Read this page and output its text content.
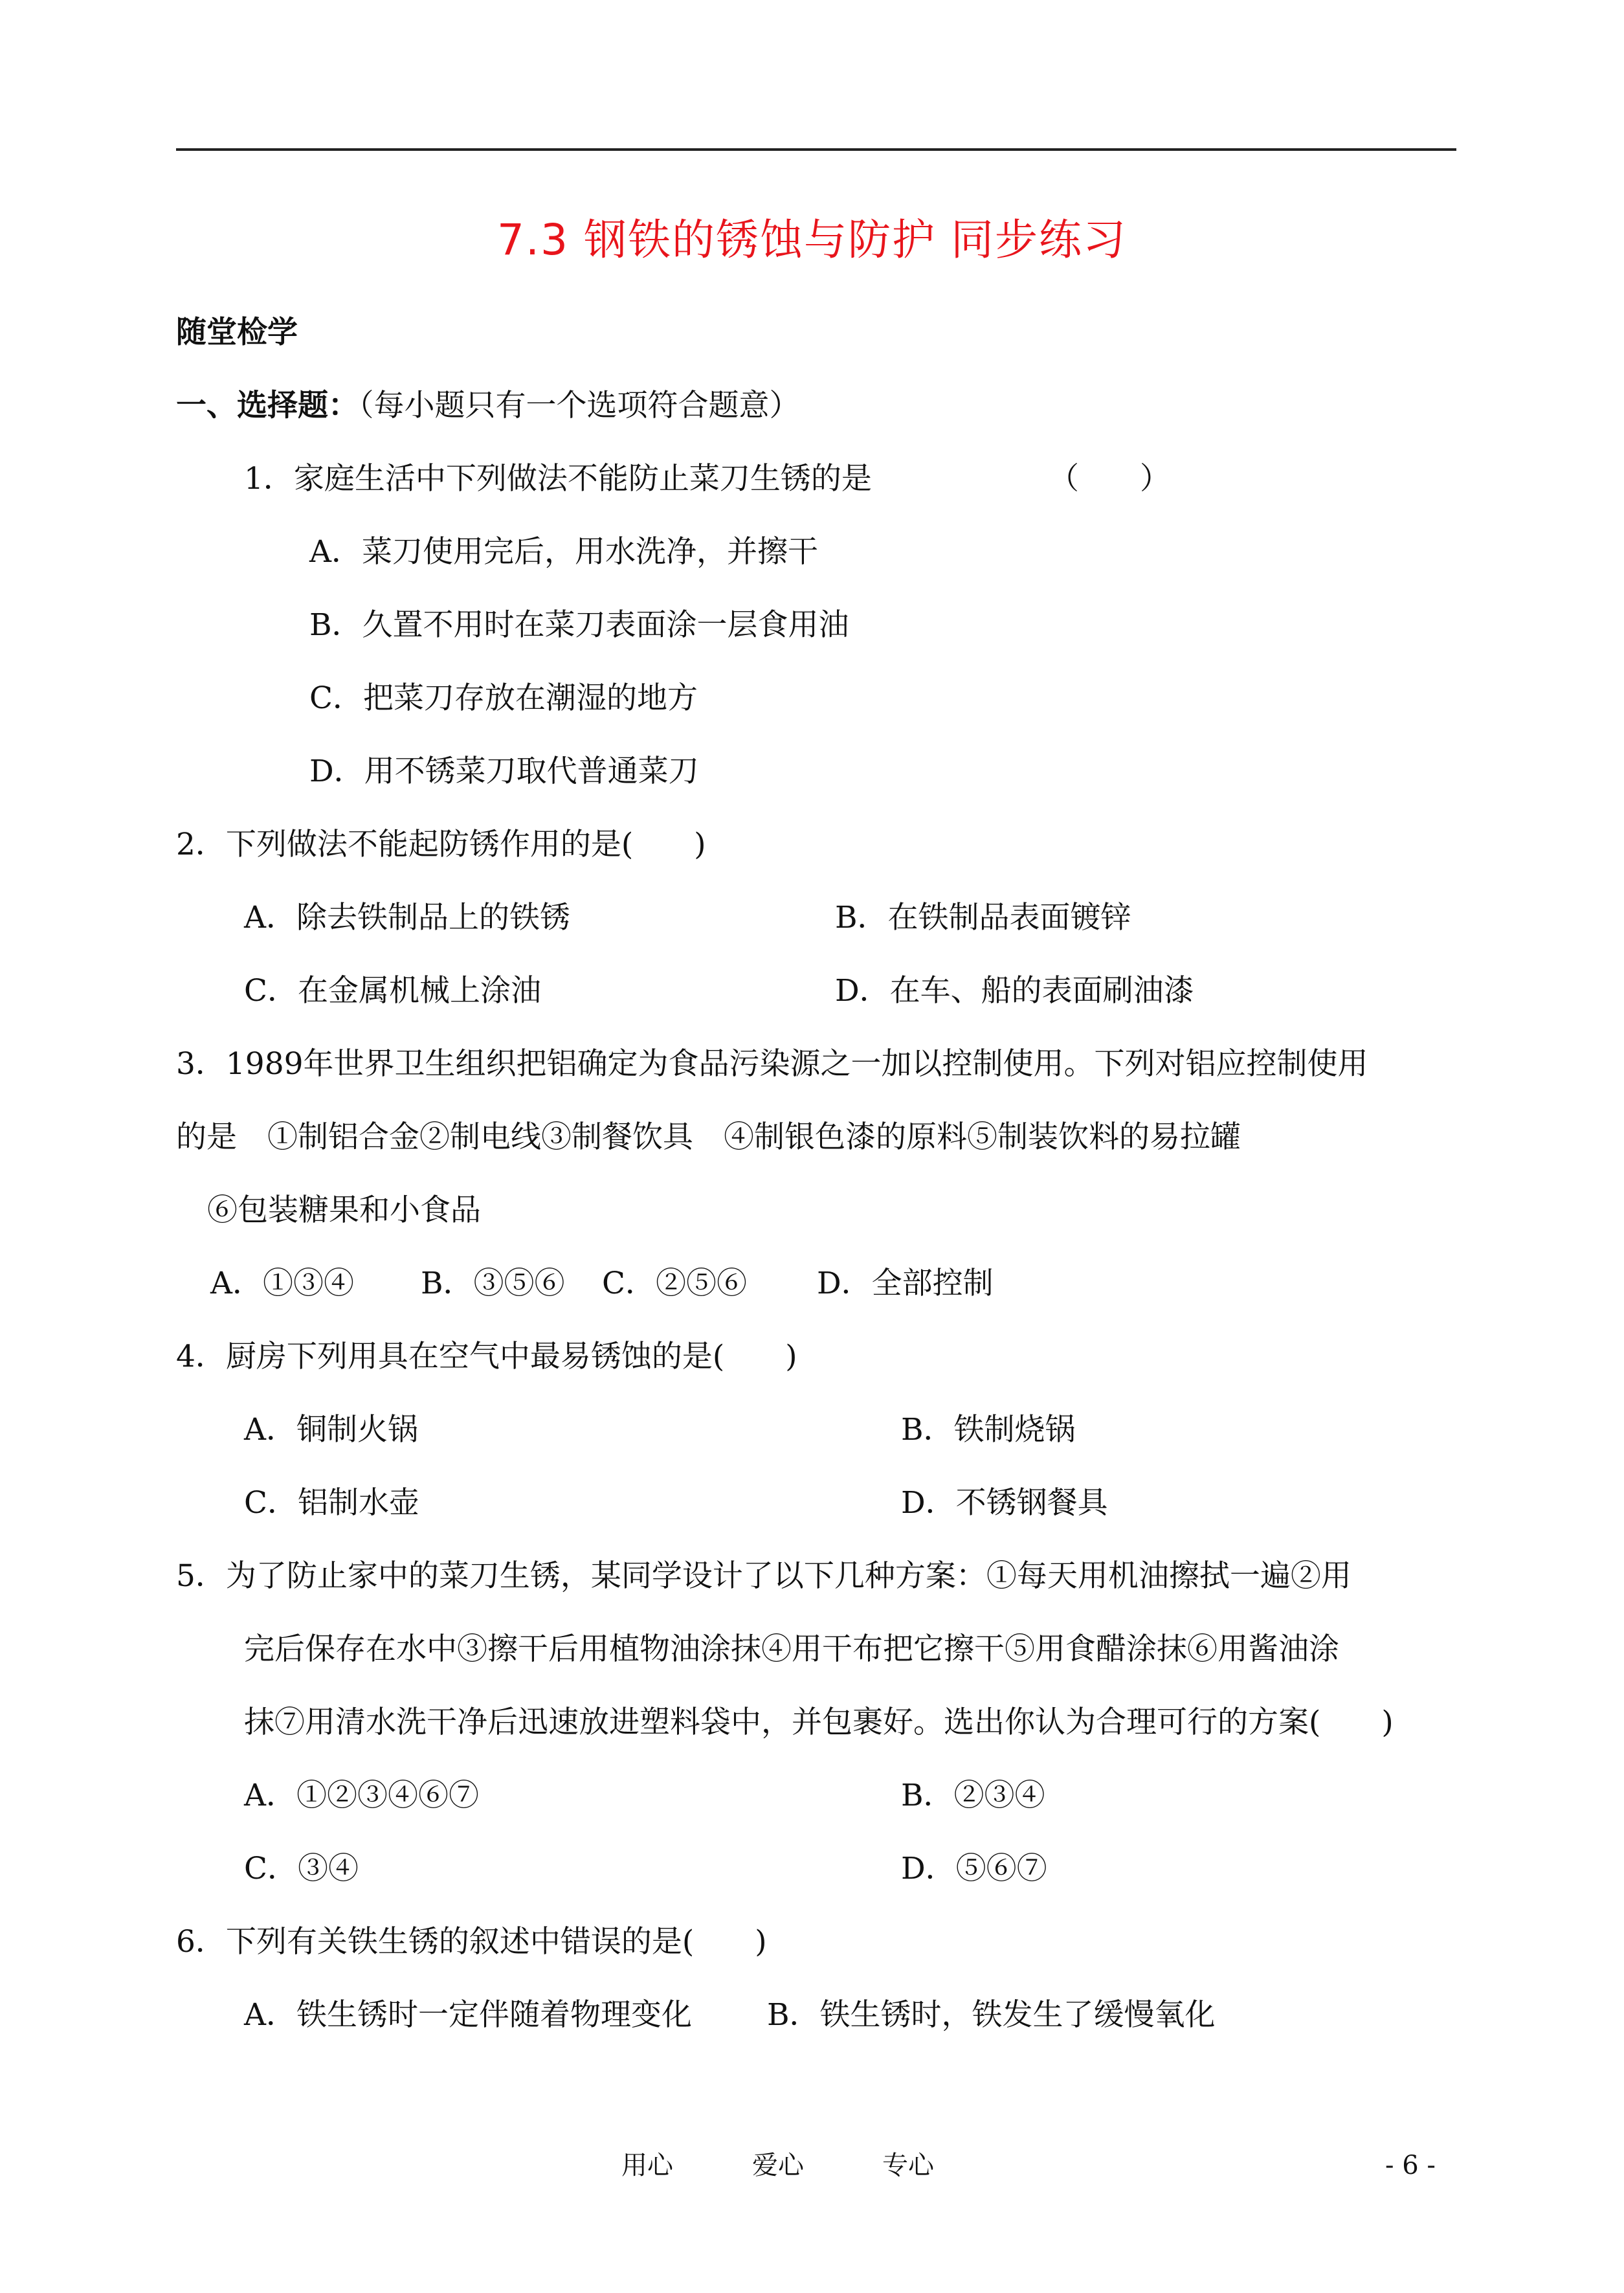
7.3 钢铁的锈蚀与防护 同步练习
随堂检学
一、选择题：（每小题只有一个选项符合题意）
1．家庭生活中下列做法不能防止菜刀生锈的是	（　　）
A．菜刀使用完后，用水洗净，并擦干
B．久置不用时在菜刀表面涂一层食用油
C．把菜刀存放在潮湿的地方
D．用不锈菜刀取代普通菜刀
2．下列做法不能起防锈作用的是(　　)
A．除去铁制品上的铁锈	B．在铁制品表面镀锌
C．在金属机械上涂油	D．在车、船的表面刷油漆
3．1989年世界卫生组织把铝确定为食品污染源之一加以控制使用。下列对铝应控制使用
的是　①制铝合金②制电线③制餐饮具　④制银色漆的原料⑤制装饮料的易拉罐
⑥包装糖果和小食品
A．①③④ B．③⑤⑥ C．②⑤⑥ D．全部控制
4．厨房下列用具在空气中最易锈蚀的是(　　)
A．铜制火锅	B．铁制烧锅
C．铝制水壶	D．不锈钢餐具
5．为了防止家中的菜刀生锈，某同学设计了以下几种方案：①每天用机油擦拭一遍②用
完后保存在水中③擦干后用植物油涂抹④用干布把它擦干⑤用食醋涂抹⑥用酱油涂
抹⑦用清水洗干净后迅速放进塑料袋中，并包裹好。选出你认为合理可行的方案(　　)
A．①②③④⑥⑦	B．②③④
C．③④	D．⑤⑥⑦
6．下列有关铁生锈的叙述中错误的是(　　)
A．铁生锈时一定伴随着物理变化 B．铁生锈时，铁发生了缓慢氧化
用心	爱心	专心	- 6 -
